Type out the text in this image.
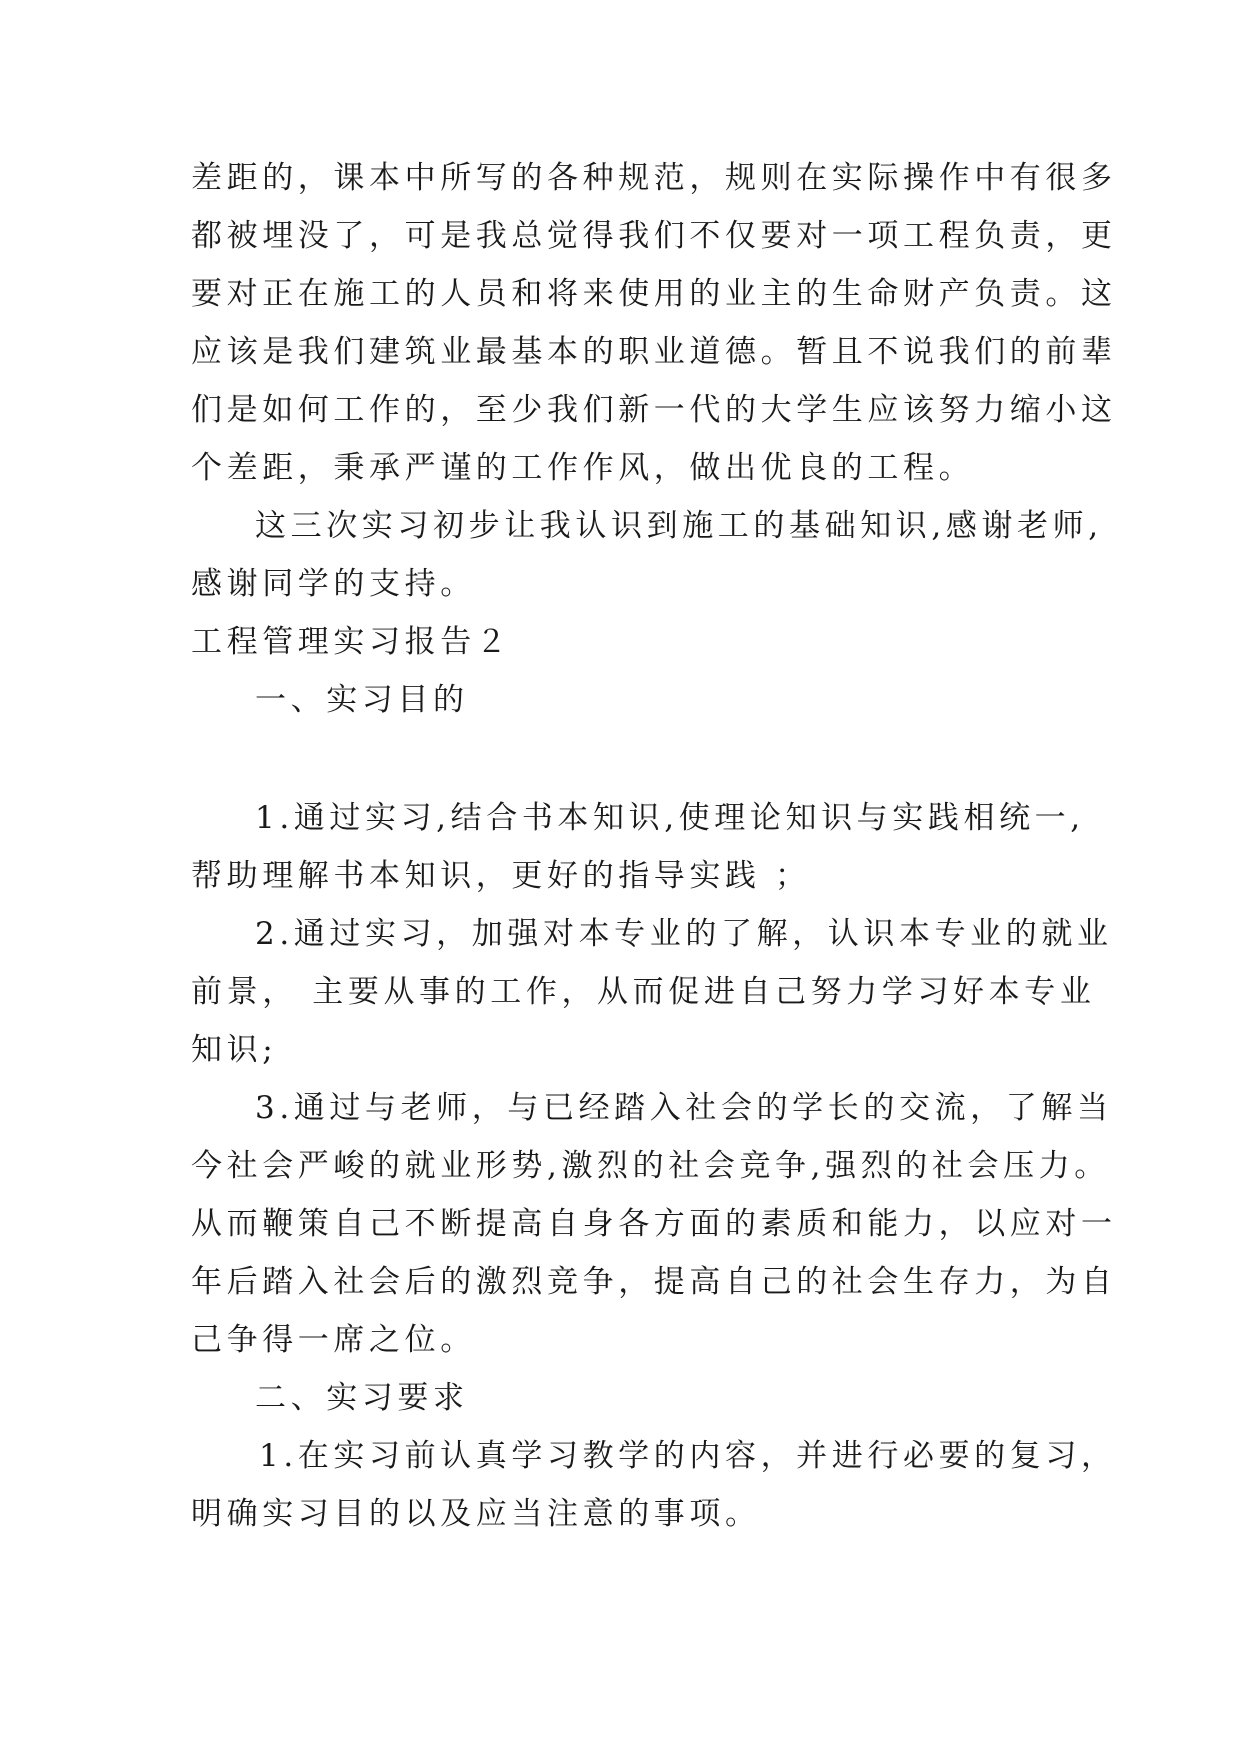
差距的，课本中所写的各种规范，规则在实际操作中有很多
都被埋没了，可是我总觉得我们不仅要对一项工程负责，更
要对正在施工的人员和将来使用的业主的生命财产负责。这
应该是我们建筑业最基本的职业道德。暂且不说我们的前辈
们是如何工作的，至少我们新一代的大学生应该努力缩小这
个差距，秉承严谨的工作作风，做出优良的工程。
这三次实习初步让我认识到施工的基础知识,感谢老师,
感谢同学的支持。
工程管理实习报告２
一、实习目的
1.通过实习,结合书本知识,使理论知识与实践相统一,
帮助理解书本知识，更好的指导实践 ；
2.通过实习，加强对本专业的了解，认识本专业的就业
前景， 主要从事的工作，从而促进自己努力学习好本专业
知识;
3.通过与老师，与已经踏入社会的学长的交流，了解当
今社会严峻的就业形势,激烈的社会竞争,强烈的社会压力。
从而鞭策自己不断提高自身各方面的素质和能力，以应对一
年后踏入社会后的激烈竞争，提高自己的社会生存力，为自
己争得一席之位。
二、实习要求
1.在实习前认真学习教学的内容，并进行必要的复习，
明确实习目的以及应当注意的事项。
